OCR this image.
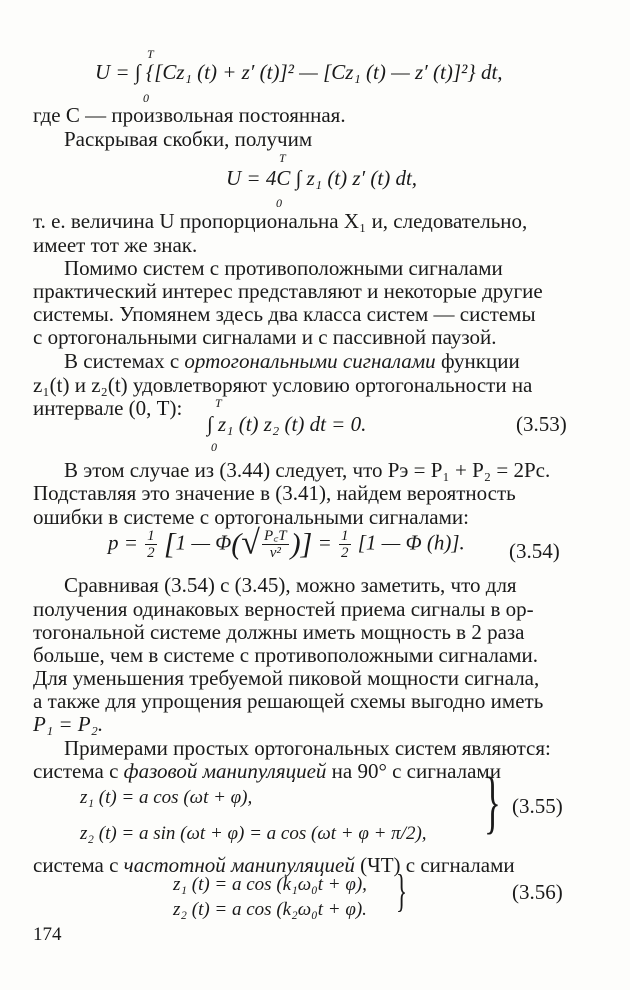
T
0
U = ∫ {[Cz₁ (t) + z′ (t)]² — [Cz₁ (t) — z′ (t)]²} dt,

где C — произвольная постоянная.

Раскрывая скобки, получим

T
0
U = 4C ∫ z₁ (t) z′ (t) dt,

т. е. величина U пропорциональна X₁ и, следовательно,

имеет тот же знак.

Помимо систем с противоположными сигналами

практический интерес представляют и некоторые другие

системы. Упомянем здесь два класса систем — системы

с ортогональными сигналами и с пассивной паузой.

В системах с ортогональными сигналами функции

z₁(t) и z₂(t) удовлетворяют условию ортогональности на

интервале (0, T):	T
0
∫ z₁ (t) z₂ (t) dt = 0.	(3.53)

В этом случае из (3.44) следует, что Pэ = P₁ + P₂ = 2Pс.

Подставляя это значение в (3.41), найдем вероятность

ошибки в системе с ортогональными сигналами:

$p = \frac{1}{2} [1$ — $\Phi(√ \frac{P꜀T}{\text{ν²}}$ )] = $\frac{1}{2} [1$ — Φ (h)]. (3.54)

Сравнивая (3.54) с (3.45), можно заметить, что для

получения одинаковых верностей приема сигналы в ор-

тогональной системе должны иметь мощность в 2 раза

больше, чем в системе с противоположными сигналами.

Для уменьшения требуемой пиковой мощности сигнала,

а также для упрощения решающей схемы выгодно иметь

P₁ = P₂.

Примерами простых ортогональных систем являются:

система с фазовой манипуляцией на 90° с сигналами

z₁ (t) = a cos (ωt + φ),
z₂ (t) = a sin (ωt + φ) = a cos (ωt + φ + π/2), } (3.55)

система с частотной манипуляцией (ЧТ) с сигналами

z₁ (t) = a cos (k₁ω₀t + φ),
z₂ (t) = a cos (k₂ω₀t + φ). }	(3.56)
174
